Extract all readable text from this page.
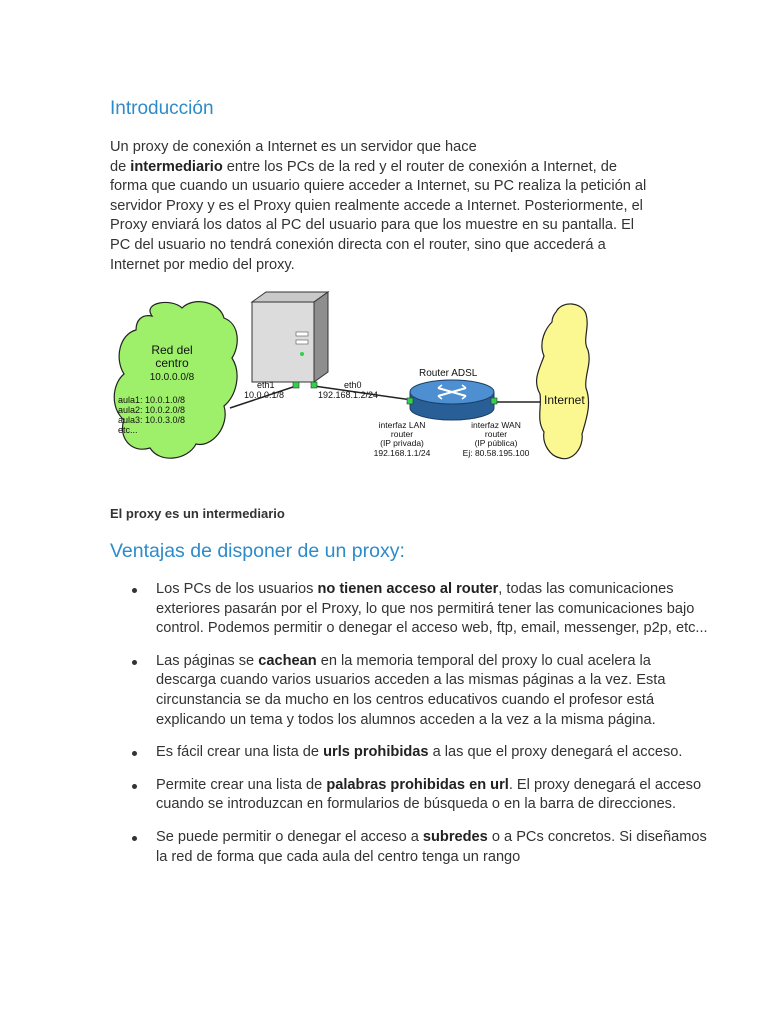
Introducción

Un proxy de conexión a Internet es un servidor que hace
de intermediario entre los PCs de la red y el router de conexión a Internet, de forma que cuando un usuario quiere acceder a Internet, su PC realiza la petición al servidor Proxy y es el Proxy quien realmente accede a Internet. Posteriormente, el Proxy enviará los datos al PC del usuario para que los muestre en su pantalla. El PC del usuario no tendrá conexión directa con el router, sino que accederá a Internet por medio del proxy.

Red del
centro
10.0.0.0/8
aula1: 10.0.1.0/8
aula2: 10.0.2.0/8
aula3: 10.0.3.0/8
etc...
eth1
10.0.0.1/8
eth0
192.168.1.2/24
Router ADSL
interfaz LAN
router
(IP privada)
192.168.1.1/24
interfaz WAN
router
(IP pública)
Ej: 80.58.195.100
Internet

El proxy es un intermediario

Ventajas de disponer de un proxy:
Los PCs de los usuarios no tienen acceso al router, todas las comunicaciones exteriores pasarán por el Proxy, lo que nos permitirá tener las comunicaciones bajo control. Podemos permitir o denegar el acceso web, ftp, email, messenger, p2p, etc...
Las páginas se cachean en la memoria temporal del proxy lo cual acelera la descarga cuando varios usuarios acceden a las mismas páginas a la vez. Esta circunstancia se da mucho en los centros educativos cuando el profesor está explicando un tema y todos los alumnos acceden a la vez a la misma página.
Es fácil crear una lista de urls prohibidas a las que el proxy denegará el acceso.
Permite crear una lista de palabras prohibidas en url. El proxy denegará el acceso cuando se introduzcan en formularios de búsqueda o en la barra de direcciones.
Se puede permitir o denegar el acceso a subredes o a PCs concretos. Si diseñamos la red de forma que cada aula del centro tenga un rango
